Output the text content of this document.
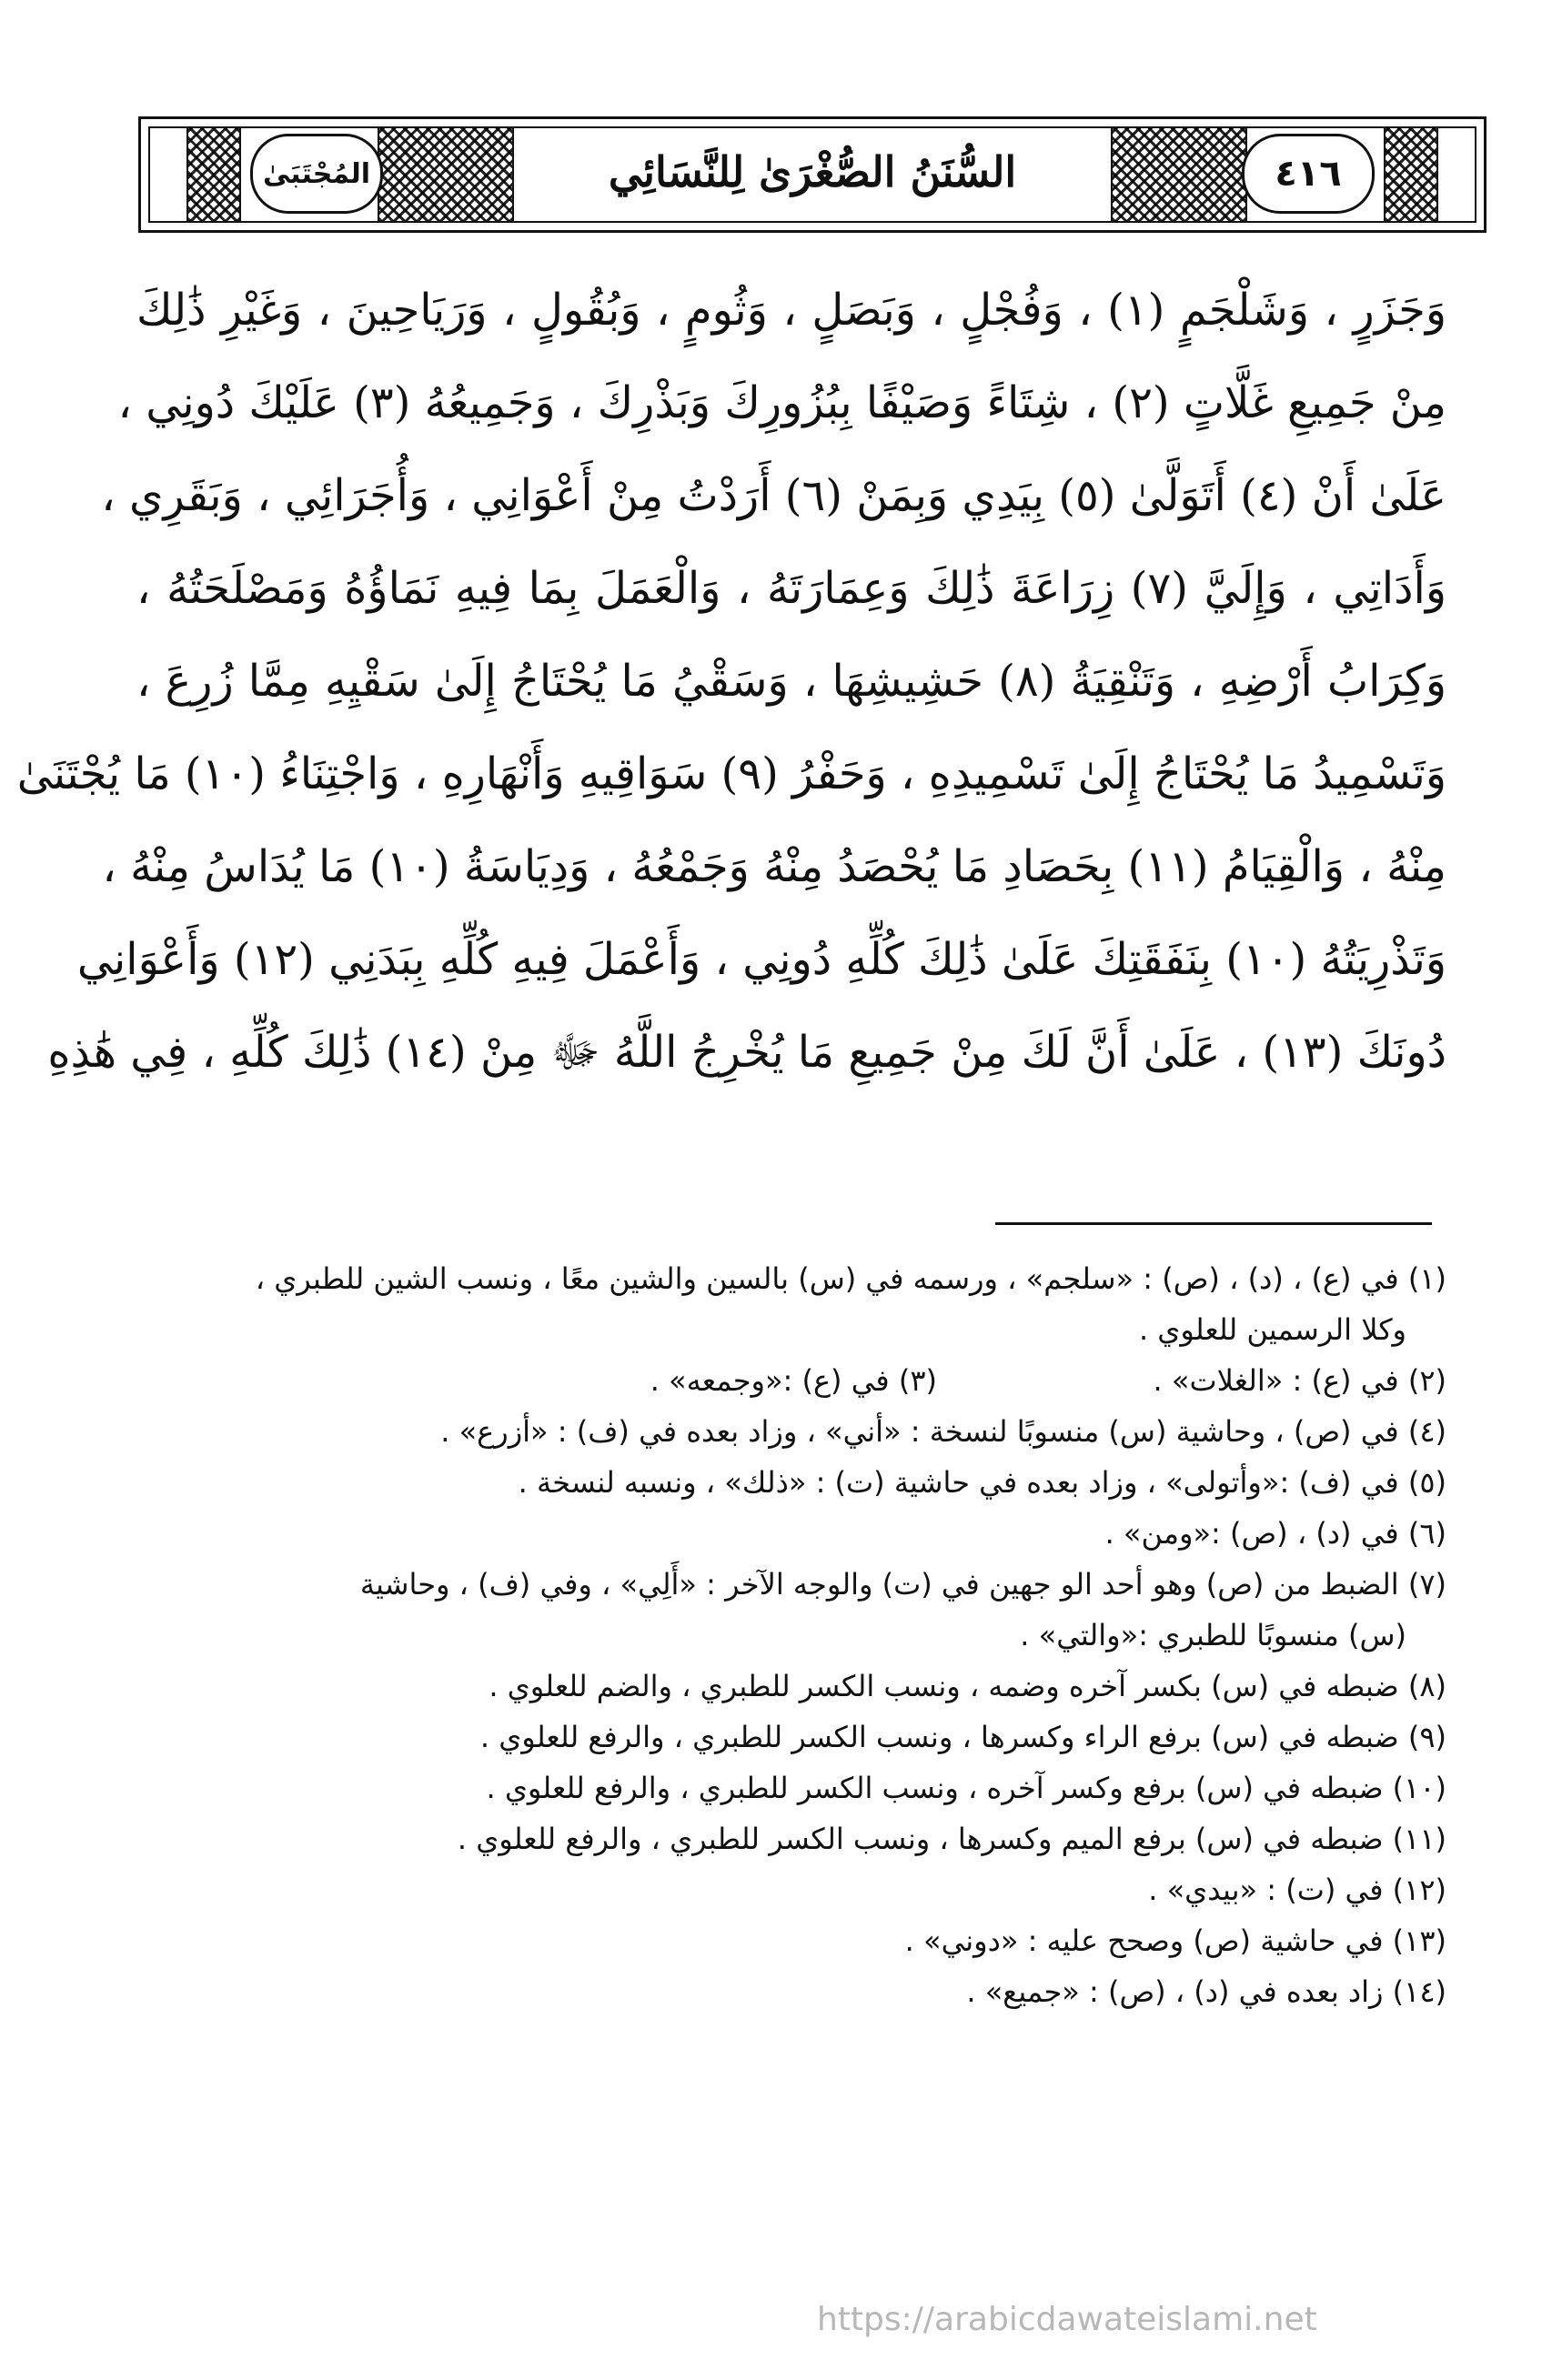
المُجْتَبَىٰ	السُّنَنُ الصُّغْرَىٰ لِلنَّسَائِي	٤١٦
وَجَزَرٍ ، وَشَلْجَمٍ (١) ، وَفُجْلٍ ، وَبَصَلٍ ، وَثُومٍ ، وَبُقُولٍ ، وَرَيَاحِينَ ، وَغَيْرِ ذَٰلِكَ
مِنْ جَمِيعِ غَلَّاتٍ (٢) ، شِتَاءً وَصَيْفًا بِبُزُورِكَ وَبَذْرِكَ ، وَجَمِيعُهُ (٣) عَلَيْكَ دُونِي ،
عَلَىٰ أَنْ (٤) أَتَوَلَّىٰ (٥) بِيَدِي وَبِمَنْ (٦) أَرَدْتُ مِنْ أَعْوَانِي ، وَأُجَرَائِي ، وَبَقَرِي ،
وَأَدَاتِي ، وَإِلَيَّ (٧) زِرَاعَةَ ذَٰلِكَ وَعِمَارَتَهُ ، وَالْعَمَلَ بِمَا فِيهِ نَمَاؤُهُ وَمَصْلَحَتُهُ ،
وَكِرَابُ أَرْضِهِ ، وَتَنْقِيَةُ (٨) حَشِيشِهَا ، وَسَقْيُ مَا يُحْتَاجُ إِلَىٰ سَقْيِهِ مِمَّا زُرِعَ ،
وَتَسْمِيدُ مَا يُحْتَاجُ إِلَىٰ تَسْمِيدِهِ ، وَحَفْرُ (٩) سَوَاقِيهِ وَأَنْهَارِهِ ، وَاجْتِنَاءُ (١٠) مَا يُجْتَنَىٰ
مِنْهُ ، وَالْقِيَامُ (١١) بِحَصَادِ مَا يُحْصَدُ مِنْهُ وَجَمْعُهُ ، وَدِيَاسَةُ (١٠) مَا يُدَاسُ مِنْهُ ،
وَتَذْرِيَتُهُ (١٠) بِنَفَقَتِكَ عَلَىٰ ذَٰلِكَ كُلِّهِ دُونِي ، وَأَعْمَلَ فِيهِ كُلِّهِ بِبَدَنِي (١٢) وَأَعْوَانِي
دُونَكَ (١٣) ، عَلَىٰ أَنَّ لَكَ مِنْ جَمِيعِ مَا يُخْرِجُ اللَّهُ ﷻ مِنْ (١٤) ذَٰلِكَ كُلِّهِ ، فِي هَٰذِهِ
(١) في (ع) ، (د) ، (ص) : «سلجم» ، ورسمه في (س) بالسين والشين معًا ، ونسب الشين للطبري ،
وكلا الرسمين للعلوي .
(٢) في (ع) : «الغلات» .
(٣) في (ع) :«وجمعه» .
(٤) في (ص) ، وحاشية (س) منسوبًا لنسخة : «أني» ، وزاد بعده في (ف) : «أزرع» .
(٥) في (ف) :«وأتولى» ، وزاد بعده في حاشية (ت) : «ذلك» ، ونسبه لنسخة .
(٦) في (د) ، (ص) :«ومن» .
(٧) الضبط من (ص) وهو أحد الو جهين في (ت) والوجه الآخر : «أَلِي» ، وفي (ف) ، وحاشية
(س) منسوبًا للطبري :«والتي» .
(٨) ضبطه في (س) بكسر آخره وضمه ، ونسب الكسر للطبري ، والضم للعلوي .
(٩) ضبطه في (س) برفع الراء وكسرها ، ونسب الكسر للطبري ، والرفع للعلوي .
(١٠) ضبطه في (س) برفع وكسر آخره ، ونسب الكسر للطبري ، والرفع للعلوي .
(١١) ضبطه في (س) برفع الميم وكسرها ، ونسب الكسر للطبري ، والرفع للعلوي .
(١٢) في (ت) : «بيدي» .
(١٣) في حاشية (ص) وصحح عليه : «دوني» .
(١٤) زاد بعده في (د) ، (ص) : «جميع» .
https://arabicdawateislami.net
